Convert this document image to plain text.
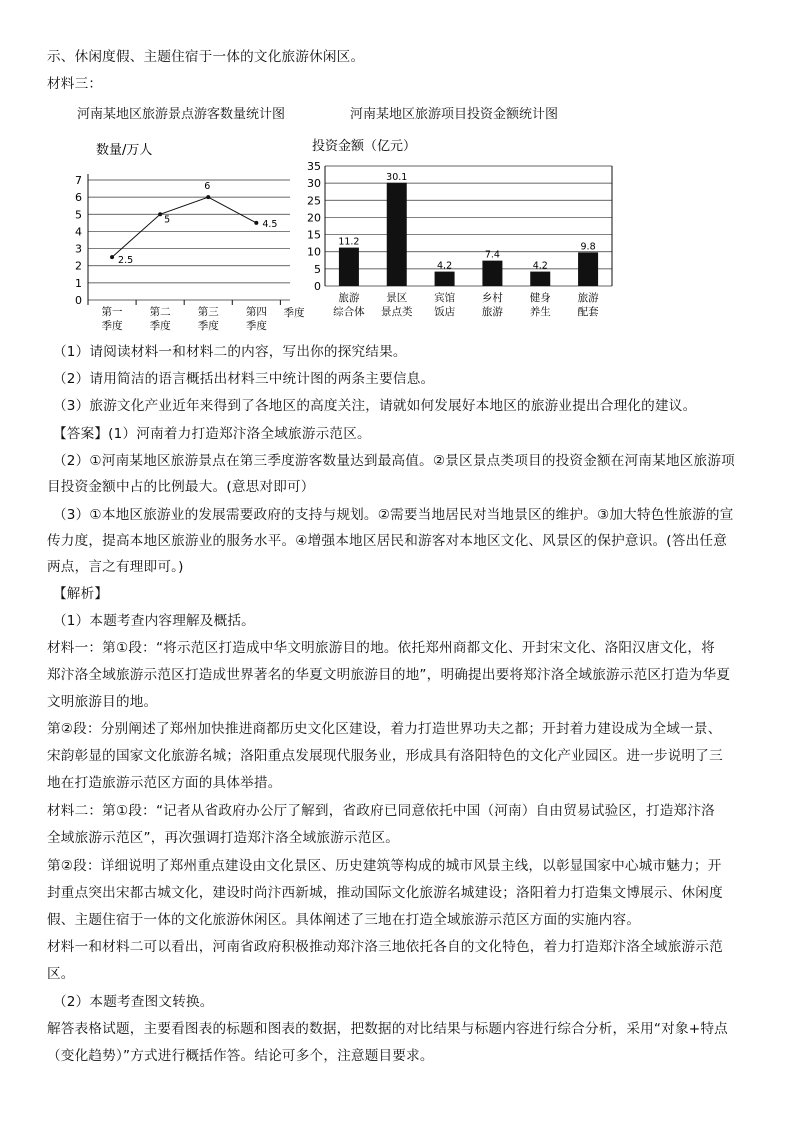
示、休闲度假、主题住宿于一体的文化旅游休闲区。
材料三：
河南某地区旅游景点游客数量统计图	河南某地区旅游项目投资金额统计图
数量/万人
0
1
2
3
4
5
6
7
第一
季度
第二
季度
第三
季度
第四
季度
季度
2.5
5
6
4.5
投资金额（亿元）
0
5
10
15
20
25
30
35
11.2
旅游
综合体
30.1
景区
景点类
4.2
宾馆
饭店
7.4
乡村
旅游
4.2
健身
养生
9.8
旅游
配套
（1）请阅读材料一和材料二的内容，写出你的探究结果。
（2）请用简洁的语言概括出材料三中统计图的两条主要信息。
（3）旅游文化产业近年来得到了各地区的高度关注，请就如何发展好本地区的旅游业提出合理化的建议。
【答案】(1）河南着力打造郑汴洛全域旅游示范区。
（2）①河南某地区旅游景点在第三季度游客数量达到最高值。②景区景点类项目的投资金额在河南某地区旅游项
目投资金额中占的比例最大。(意思对即可）
（3）①本地区旅游业的发展需要政府的支持与规划。②需要当地居民对当地景区的维护。③加大特色性旅游的宣
传力度，提高本地区旅游业的服务水平。④增强本地区居民和游客对本地区文化、风景区的保护意识。(答出任意
两点，言之有理即可。)
【解析】
（1）本题考查内容理解及概括。
材料一：第①段：“将示范区打造成中华文明旅游目的地。依托郑州商都文化、开封宋文化、洛阳汉唐文化，将
郑汴洛全域旅游示范区打造成世界著名的华夏文明旅游目的地”，明确提出要将郑汴洛全域旅游示范区打造为华夏
文明旅游目的地。
第②段：分别阐述了郑州加快推进商都历史文化区建设，着力打造世界功夫之都；开封着力建设成为全域一景、
宋韵彰显的国家文化旅游名城；洛阳重点发展现代服务业，形成具有洛阳特色的文化产业园区。进一步说明了三
地在打造旅游示范区方面的具体举措。
材料二：第①段：“记者从省政府办公厅了解到，省政府已同意依托中国（河南）自由贸易试验区，打造郑汴洛
全域旅游示范区”，再次强调打造郑汴洛全域旅游示范区。
第②段：详细说明了郑州重点建设由文化景区、历史建筑等构成的城市风景主线，以彰显国家中心城市魅力；开
封重点突出宋都古城文化，建设时尚汴西新城，推动国际文化旅游名城建设；洛阳着力打造集文博展示、休闲度
假、主题住宿于一体的文化旅游休闲区。具体阐述了三地在打造全域旅游示范区方面的实施内容。
材料一和材料二可以看出，河南省政府积极推动郑汴洛三地依托各自的文化特色，着力打造郑汴洛全域旅游示范
区。
（2）本题考查图文转换。
解答表格试题，主要看图表的标题和图表的数据，把数据的对比结果与标题内容进行综合分析，采用“对象+特点
（变化趋势）”方式进行概括作答。结论可多个，注意题目要求。
